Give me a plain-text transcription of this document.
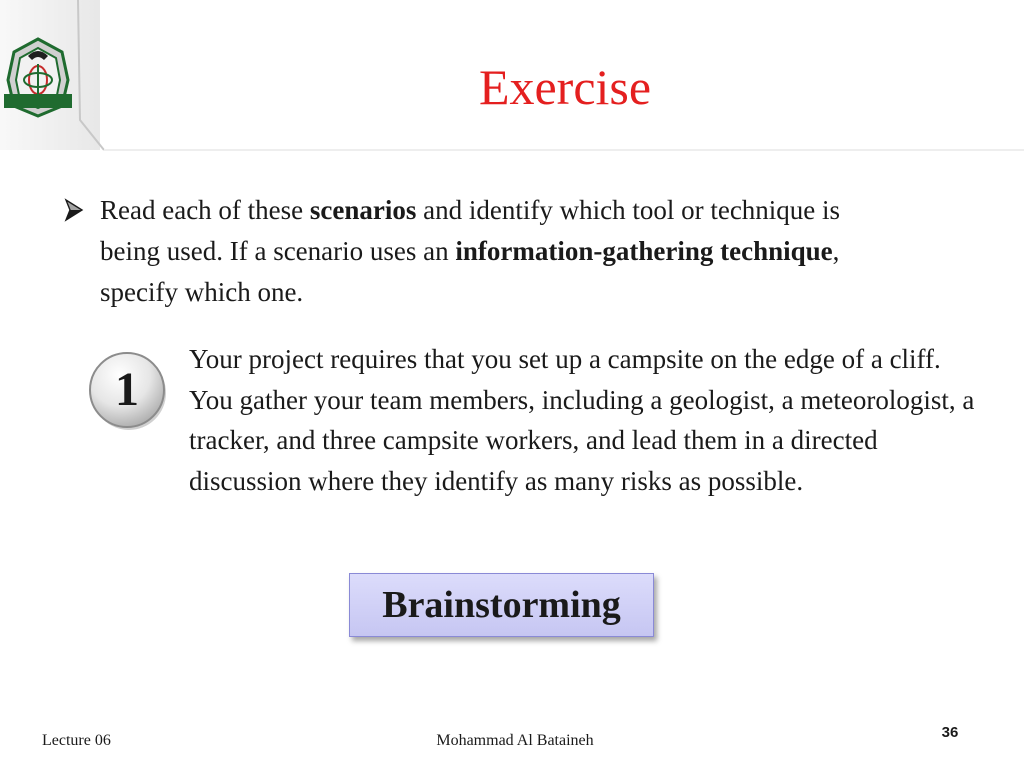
Exercise
Read each of these scenarios and identify which tool or technique is being used. If a scenario uses an information-gathering technique, specify which one.
1
Your project requires that you set up a campsite on the edge of a cliff. You gather your team members, including a geologist, a meteorologist, a tracker, and three campsite workers, and lead them in a directed discussion where they identify as many risks as possible.
Brainstorming
Lecture 06	Mohammad Al Bataineh	36
